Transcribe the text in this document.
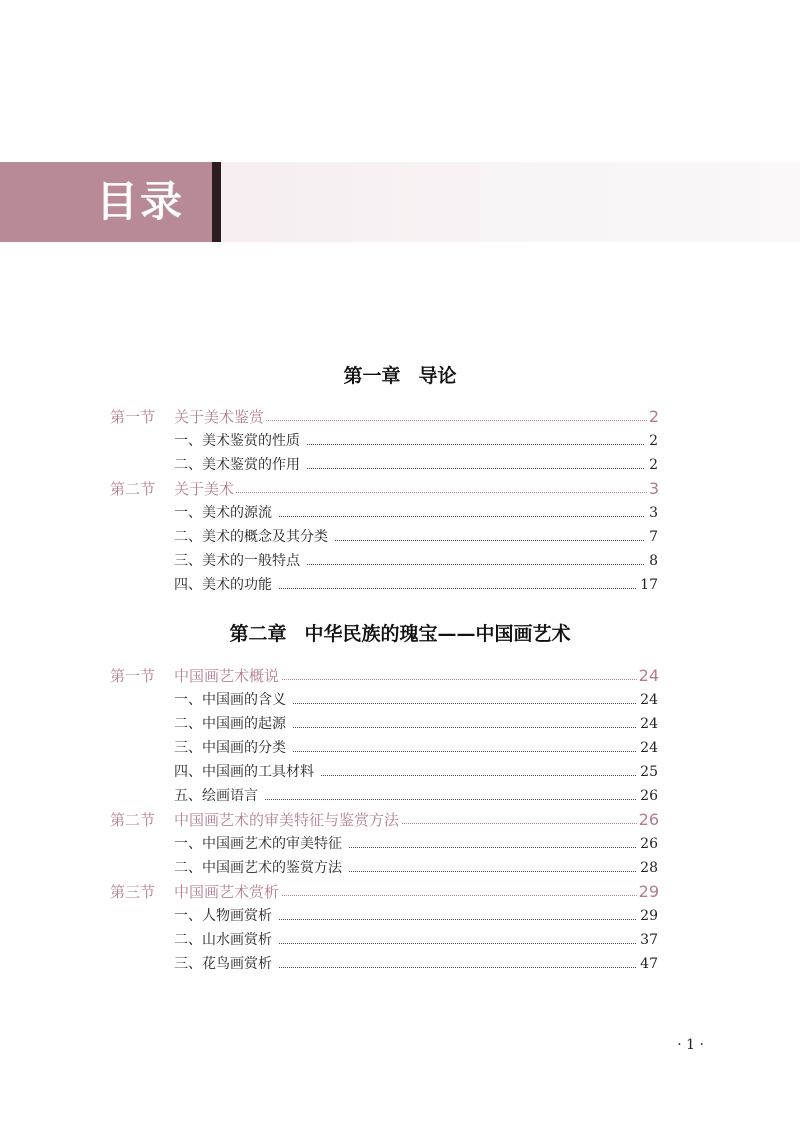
目录
第一章 导论
第一节 关于美术鉴赏	2
一、美术鉴赏的性质	2
二、美术鉴赏的作用	2
第二节 关于美术	3
一、美术的源流	3
二、美术的概念及其分类	7
三、美术的一般特点	8
四、美术的功能	17
第二章 中华民族的瑰宝——中国画艺术
第一节 中国画艺术概说	24
一、中国画的含义	24
二、中国画的起源	24
三、中国画的分类	24
四、中国画的工具材料	25
五、绘画语言	26
第二节 中国画艺术的审美特征与鉴赏方法	26
一、中国画艺术的审美特征	26
二、中国画艺术的鉴赏方法	28
第三节 中国画艺术赏析	29
一、人物画赏析	29
二、山水画赏析	37
三、花鸟画赏析	47
· 1 ·
